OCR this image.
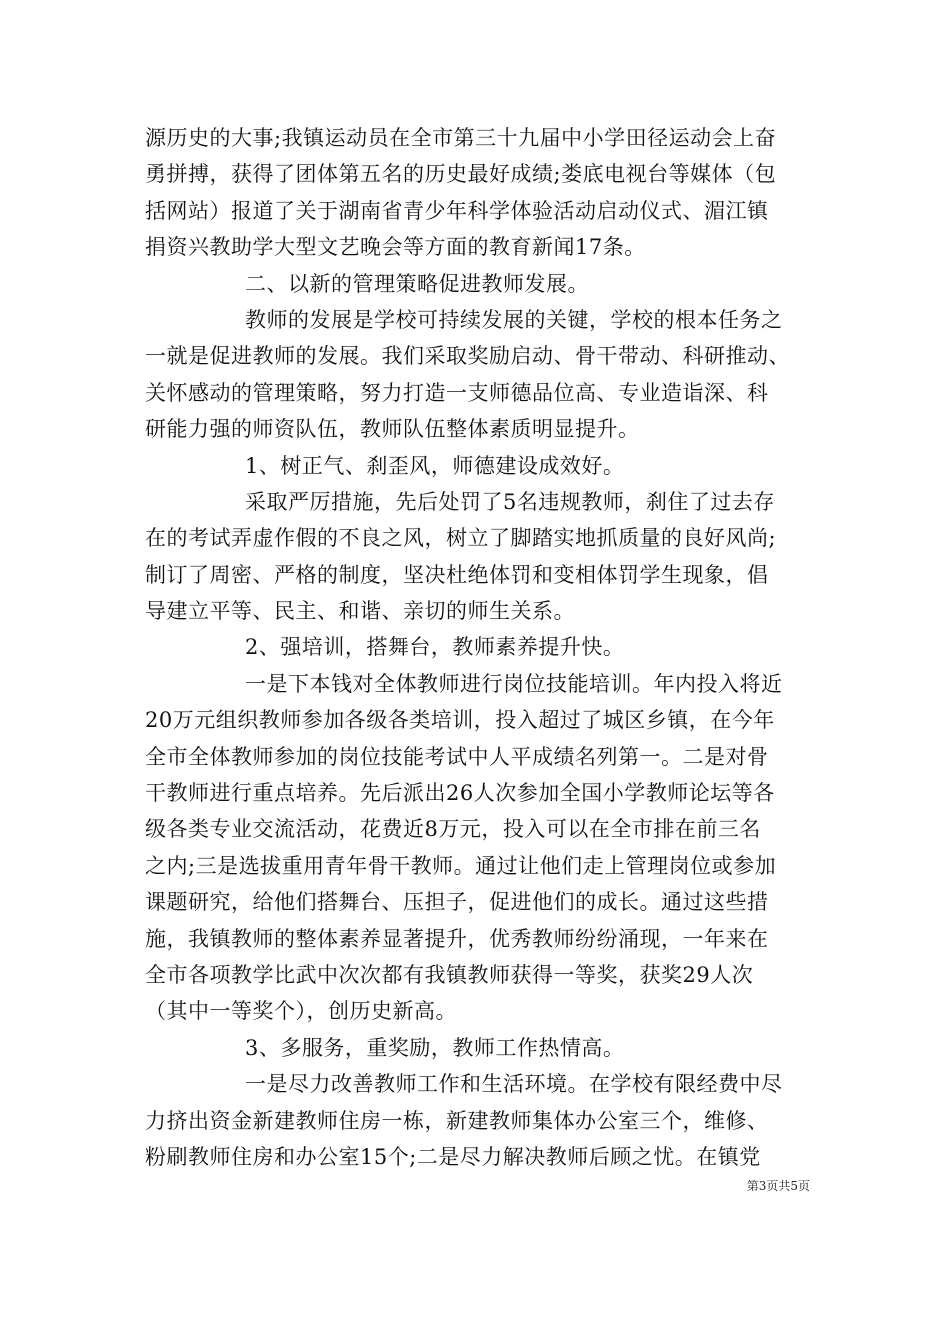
源历史的大事;我镇运动员在全市第三十九届中小学田径运动会上奋
勇拼搏，获得了团体第五名的历史最好成绩;娄底电视台等媒体（包
括网站）报道了关于湖南省青少年科学体验活动启动仪式、湄江镇
捐资兴教助学大型文艺晚会等方面的教育新闻17条。
二、以新的管理策略促进教师发展。
教师的发展是学校可持续发展的关键，学校的根本任务之
一就是促进教师的发展。我们采取奖励启动、骨干带动、科研推动、
关怀感动的管理策略，努力打造一支师德品位高、专业造诣深、科
研能力强的师资队伍，教师队伍整体素质明显提升。
1、树正气、刹歪风，师德建设成效好。
采取严厉措施，先后处罚了5名违规教师，刹住了过去存
在的考试弄虚作假的不良之风，树立了脚踏实地抓质量的良好风尚;
制订了周密、严格的制度，坚决杜绝体罚和变相体罚学生现象，倡
导建立平等、民主、和谐、亲切的师生关系。
2、强培训，搭舞台，教师素养提升快。
一是下本钱对全体教师进行岗位技能培训。年内投入将近
20万元组织教师参加各级各类培训，投入超过了城区乡镇，在今年
全市全体教师参加的岗位技能考试中人平成绩名列第一。二是对骨
干教师进行重点培养。先后派出26人次参加全国小学教师论坛等各
级各类专业交流活动，花费近8万元，投入可以在全市排在前三名
之内;三是选拔重用青年骨干教师。通过让他们走上管理岗位或参加
课题研究，给他们搭舞台、压担子，促进他们的成长。通过这些措
施，我镇教师的整体素养显著提升，优秀教师纷纷涌现，一年来在
全市各项教学比武中次次都有我镇教师获得一等奖，获奖29人次
（其中一等奖个），创历史新高。
3、多服务，重奖励，教师工作热情高。
一是尽力改善教师工作和生活环境。在学校有限经费中尽
力挤出资金新建教师住房一栋，新建教师集体办公室三个，维修、
粉刷教师住房和办公室15个;二是尽力解决教师后顾之忧。在镇党
第3页共5页
